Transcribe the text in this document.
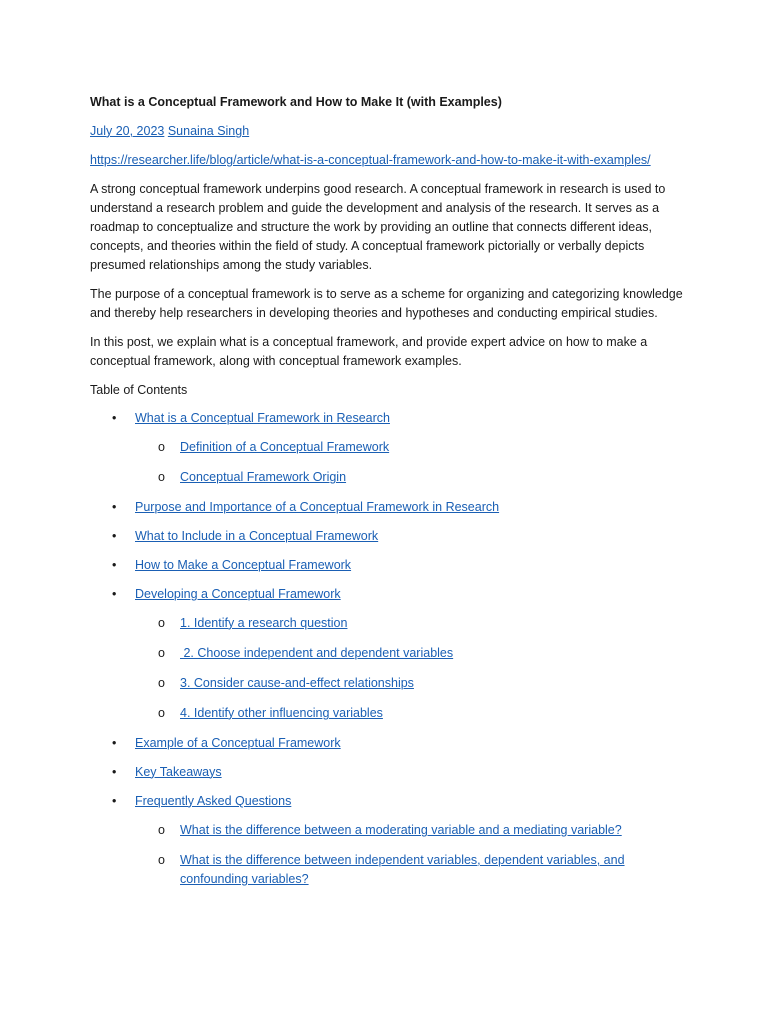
What is a Conceptual Framework and How to Make It (with Examples)
July 20, 2023 Sunaina Singh
https://researcher.life/blog/article/what-is-a-conceptual-framework-and-how-to-make-it-with-examples/

A strong conceptual framework underpins good research. A conceptual framework in research is used to understand a research problem and guide the development and analysis of the research. It serves as a roadmap to conceptualize and structure the work by providing an outline that connects different ideas, concepts, and theories within the field of study. A conceptual framework pictorially or verbally depicts presumed relationships among the study variables.

The purpose of a conceptual framework is to serve as a scheme for organizing and categorizing knowledge and thereby help researchers in developing theories and hypotheses and conducting empirical studies.

In this post, we explain what is a conceptual framework, and provide expert advice on how to make a conceptual framework, along with conceptual framework examples.

Table of Contents
• What is a Conceptual Framework in Research
o Definition of a Conceptual Framework
o Conceptual Framework Origin
• Purpose and Importance of a Conceptual Framework in Research
• What to Include in a Conceptual Framework
• How to Make a Conceptual Framework
• Developing a Conceptual Framework
o 1. Identify a research question
o 2. Choose independent and dependent variables
o 3. Consider cause-and-effect relationships
o 4. Identify other influencing variables
• Example of a Conceptual Framework
• Key Takeaways
• Frequently Asked Questions
o What is the difference between a moderating variable and a mediating variable?
o What is the difference between independent variables, dependent variables, and confounding variables?
